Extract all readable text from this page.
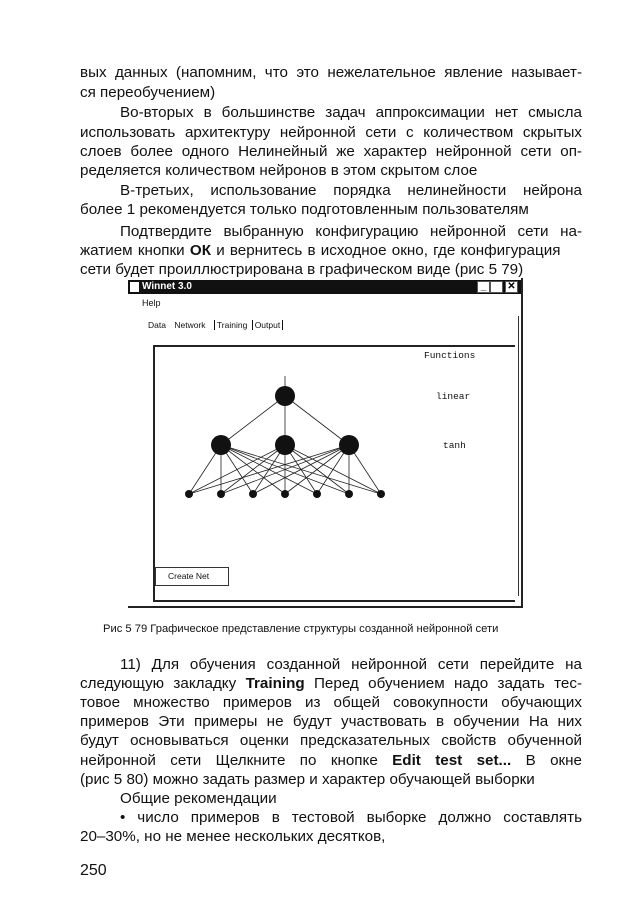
вых данных (напомним, что это нежелательное явление называет-
ся переобучением)
Во-вторых в большинстве задач аппроксимации нет смысла
использовать архитектуру нейронной сети с количеством скрытых
слоев более одного Нелинейный же характер нейронной сети оп-
ределяется количеством нейронов в этом скрытом слое
В-третьих, использование порядка нелинейности нейрона
более 1 рекомендуется только подготовленным пользователям
Подтвердите выбранную конфигурацию нейронной сети на-
жатием кнопки ОК и вернитесь в исходное окно, где конфигурация
сети будет проиллюстрирована в графическом виде (рис 5 79)
Winnet 3.0	_	✕
Help
Data Network Training Output
Functions
linear
tanh
Create Net
Рис 5 79 Графическое представление структуры созданной нейронной сети
11) Для обучения созданной нейронной сети перейдите на
следующую закладку Training Перед обучением надо задать тес-
товое множество примеров из общей совокупности обучающих
примеров Эти примеры не будут участвовать в обучении На них
будут основываться оценки предсказательных свойств обученной
нейронной сети Щелкните по кнопке Edit test set... В окне
(рис 5 80) можно задать размер и характер обучающей выборки
Общие рекомендации
• число примеров в тестовой выборке должно составлять
20–30%, но не менее нескольких десятков,
250
